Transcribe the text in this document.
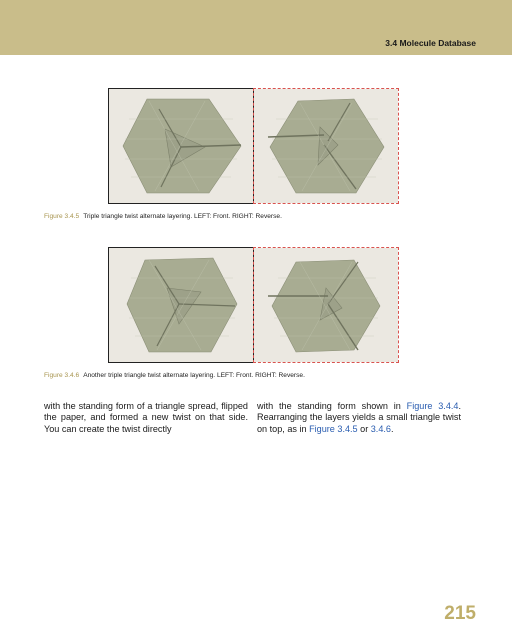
3.4 Molecule Database
Figure 3.4.5 Triple triangle twist alternate layering. LEFT: Front. RIGHT: Reverse.
Figure 3.4.6 Another triple triangle twist alternate layering. LEFT: Front. RIGHT: Reverse.

with the standing form of a triangle spread, flipped the paper, and formed a new twist on that side. You can create the twist directly

with the standing form shown in Figure 3.4.4. Rearranging the layers yields a small triangle twist on top, as in Figure 3.4.5 or 3.4.6.

215
